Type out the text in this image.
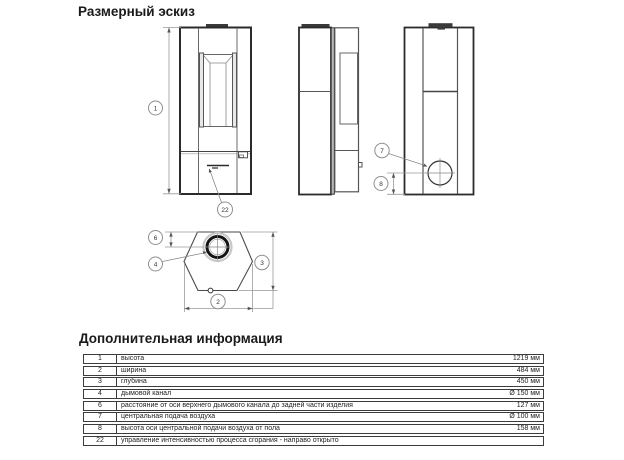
Размерный эскиз
1
22
7
8
6
4	3
2
Дополнительная информация
1	высота	1219 мм
2	ширина	484 мм
3	глубина	450 мм
4	дымовой канал	Ø 150 мм
6	расстояние от оси верхнего дымового канала до задней части изделия	127 мм
7	центральная подача воздуха	Ø 100 мм
8	высота оси центральной подачи воздуха от пола	158 мм
22	управление интенсивностью процесса сгорания - направо открыто
